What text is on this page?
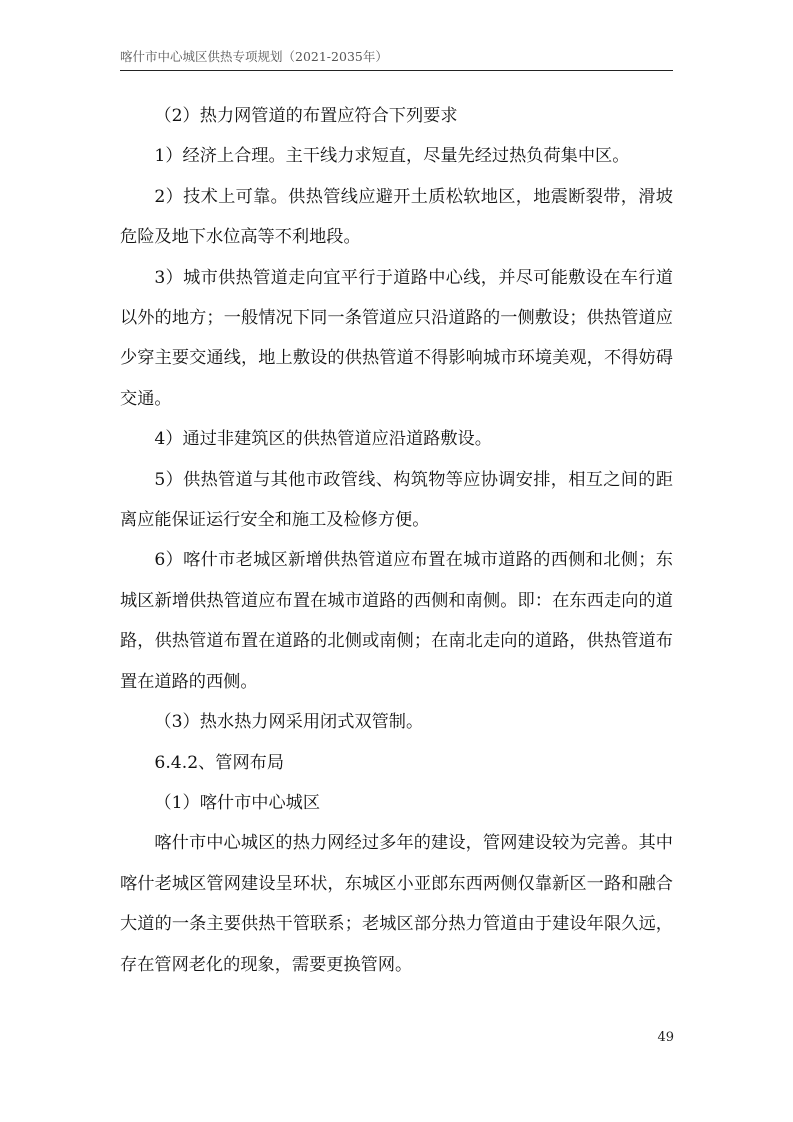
喀什市中心城区供热专项规划（2021-2035年）

（2）热力网管道的布置应符合下列要求

1）经济上合理。主干线力求短直，尽量先经过热负荷集中区。

2）技术上可靠。供热管线应避开土质松软地区，地震断裂带，滑坡危险及地下水位高等不利地段。

3）城市供热管道走向宜平行于道路中心线，并尽可能敷设在车行道以外的地方；一般情况下同一条管道应只沿道路的一侧敷设；供热管道应少穿主要交通线，地上敷设的供热管道不得影响城市环境美观，不得妨碍交通。

4）通过非建筑区的供热管道应沿道路敷设。

5）供热管道与其他市政管线、构筑物等应协调安排，相互之间的距离应能保证运行安全和施工及检修方便。

6）喀什市老城区新增供热管道应布置在城市道路的西侧和北侧；东城区新增供热管道应布置在城市道路的西侧和南侧。即：在东西走向的道路，供热管道布置在道路的北侧或南侧；在南北走向的道路，供热管道布置在道路的西侧。

（3）热水热力网采用闭式双管制。

6.4.2、管网布局

（1）喀什市中心城区

喀什市中心城区的热力网经过多年的建设，管网建设较为完善。其中喀什老城区管网建设呈环状，东城区小亚郎东西两侧仅靠新区一路和融合大道的一条主要供热干管联系；老城区部分热力管道由于建设年限久远，存在管网老化的现象，需要更换管网。

49
